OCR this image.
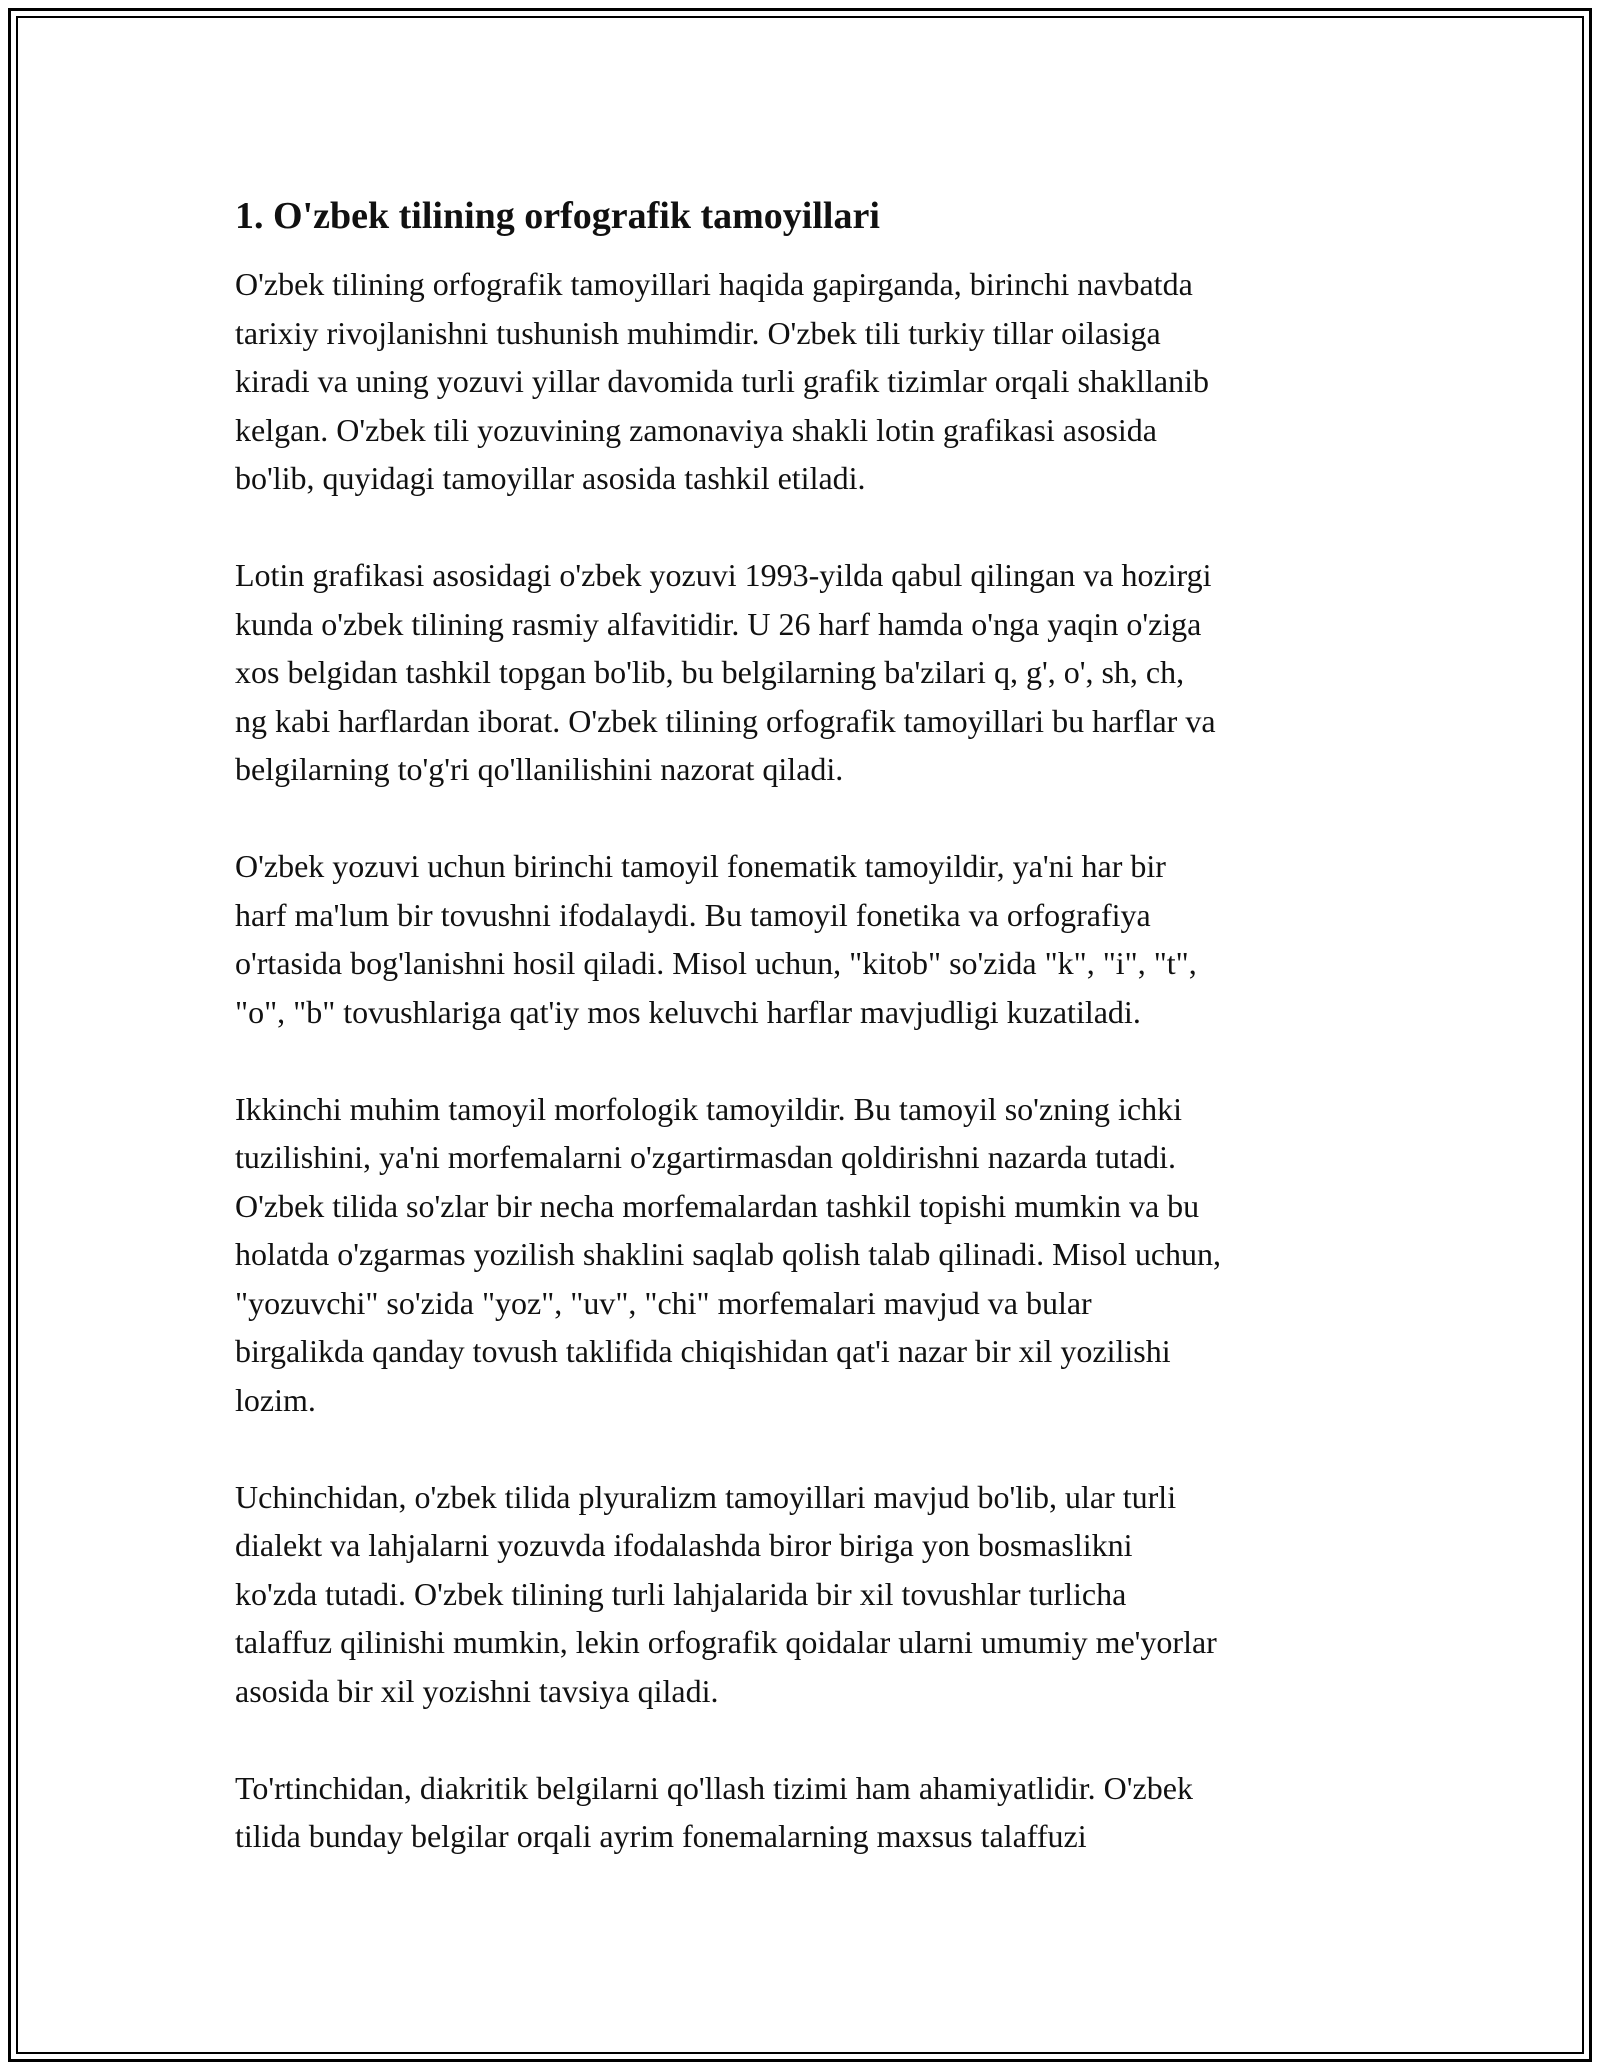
1. O'zbek tilining orfografik tamoyillari

O'zbek tilining orfografik tamoyillari haqida gapirganda, birinchi navbatda
tarixiy rivojlanishni tushunish muhimdir. O'zbek tili turkiy tillar oilasiga
kiradi va uning yozuvi yillar davomida turli grafik tizimlar orqali shakllanib
kelgan. O'zbek tili yozuvining zamonaviya shakli lotin grafikasi asosida
bo'lib, quyidagi tamoyillar asosida tashkil etiladi.

Lotin grafikasi asosidagi o'zbek yozuvi 1993-yilda qabul qilingan va hozirgi
kunda o'zbek tilining rasmiy alfavitidir. U 26 harf hamda o'nga yaqin o'ziga
xos belgidan tashkil topgan bo'lib, bu belgilarning ba'zilari q, g', o', sh, ch,
ng kabi harflardan iborat. O'zbek tilining orfografik tamoyillari bu harflar va
belgilarning to'g'ri qo'llanilishini nazorat qiladi.

O'zbek yozuvi uchun birinchi tamoyil fonematik tamoyildir, ya'ni har bir
harf ma'lum bir tovushni ifodalaydi. Bu tamoyil fonetika va orfografiya
o'rtasida bog'lanishni hosil qiladi. Misol uchun, "kitob" so'zida "k", "i", "t",
"o", "b" tovushlariga qat'iy mos keluvchi harflar mavjudligi kuzatiladi.

Ikkinchi muhim tamoyil morfologik tamoyildir. Bu tamoyil so'zning ichki
tuzilishini, ya'ni morfemalarni o'zgartirmasdan qoldirishni nazarda tutadi.
O'zbek tilida so'zlar bir necha morfemalardan tashkil topishi mumkin va bu
holatda o'zgarmas yozilish shaklini saqlab qolish talab qilinadi. Misol uchun,
"yozuvchi" so'zida "yoz", "uv", "chi" morfemalari mavjud va bular
birgalikda qanday tovush taklifida chiqishidan qat'i nazar bir xil yozilishi
lozim.

Uchinchidan, o'zbek tilida plyuralizm tamoyillari mavjud bo'lib, ular turli
dialekt va lahjalarni yozuvda ifodalashda biror biriga yon bosmaslikni
ko'zda tutadi. O'zbek tilining turli lahjalarida bir xil tovushlar turlicha
talaffuz qilinishi mumkin, lekin orfografik qoidalar ularni umumiy me'yorlar
asosida bir xil yozishni tavsiya qiladi.

To'rtinchidan, diakritik belgilarni qo'llash tizimi ham ahamiyatlidir. O'zbek
tilida bunday belgilar orqali ayrim fonemalarning maxsus talaffuzi
